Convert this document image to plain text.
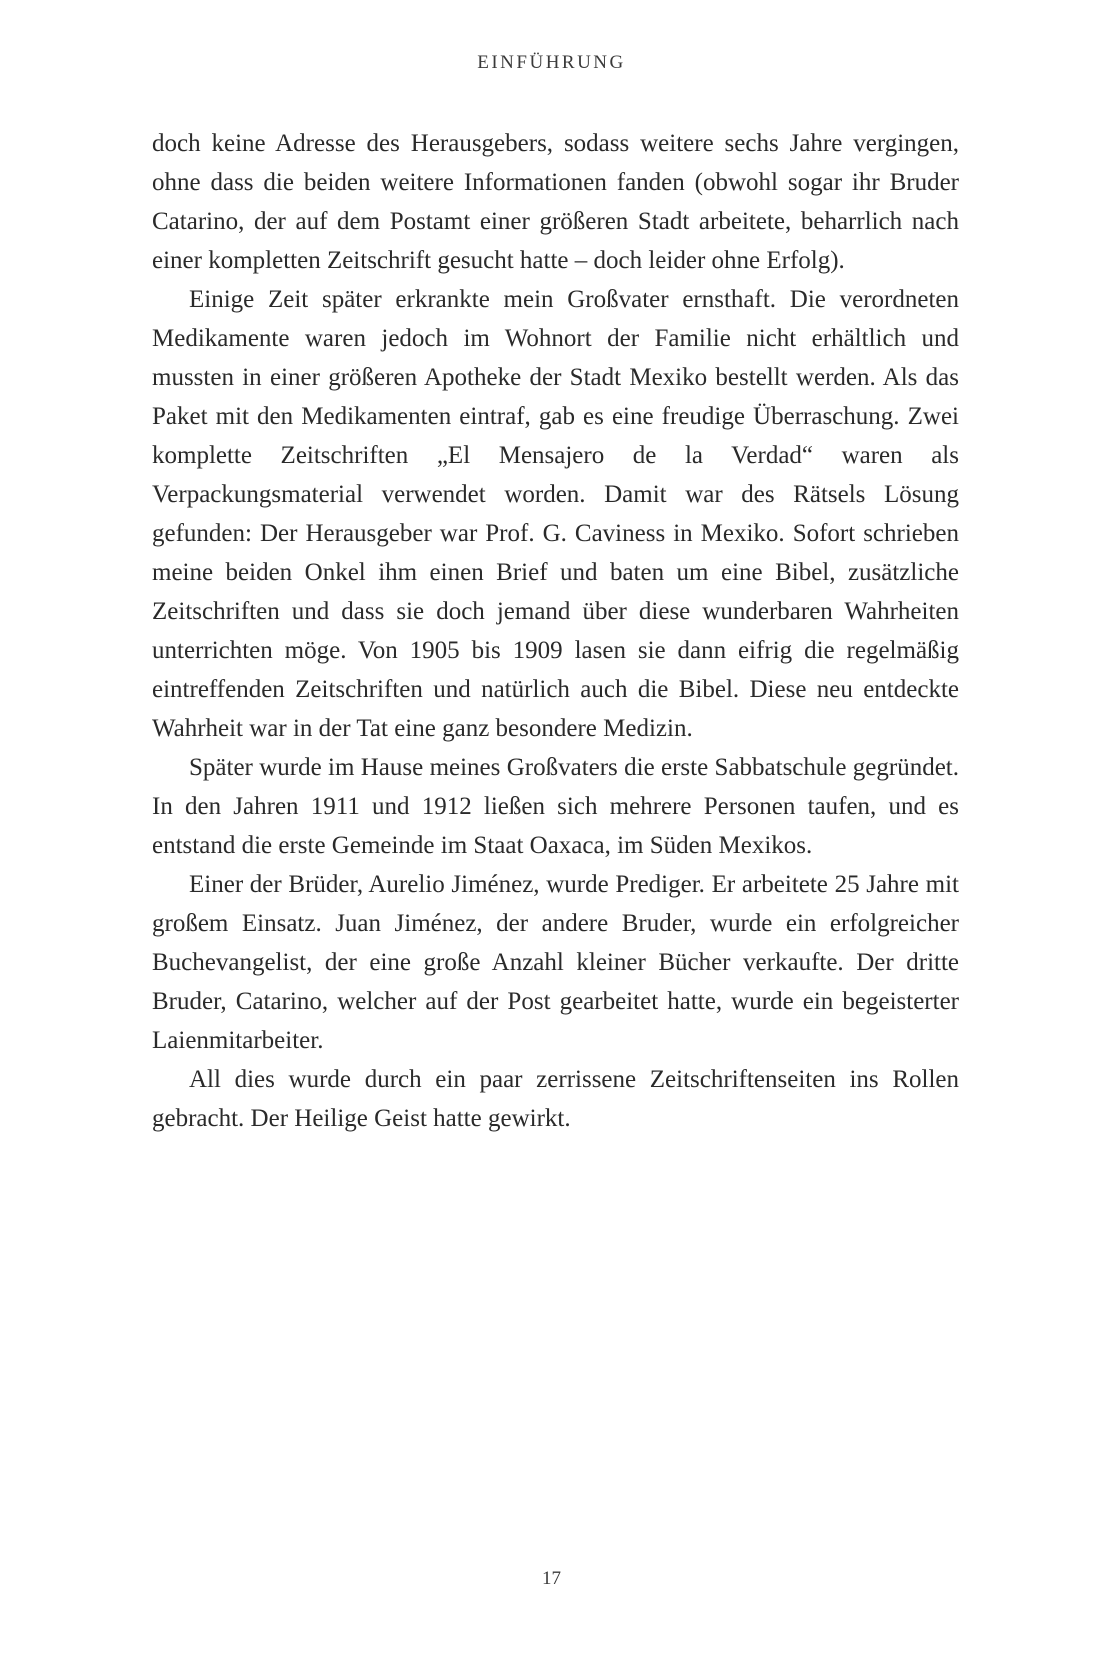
EINFÜHRUNG

doch keine Adresse des Herausgebers, sodass weitere sechs Jahre vergingen, ohne dass die beiden weitere Informationen fanden (obwohl sogar ihr Bruder Catarino, der auf dem Postamt einer größeren Stadt arbeitete, beharrlich nach einer kompletten Zeitschrift gesucht hatte – doch leider ohne Erfolg).

Einige Zeit später erkrankte mein Großvater ernsthaft. Die verordneten Medikamente waren jedoch im Wohnort der Familie nicht erhältlich und mussten in einer größeren Apotheke der Stadt Mexiko bestellt werden. Als das Paket mit den Medikamenten eintraf, gab es eine freudige Überraschung. Zwei komplette Zeitschriften „El Mensajero de la Verdad“ waren als Verpackungsmaterial verwendet worden. Damit war des Rätsels Lösung gefunden: Der Herausgeber war Prof. G. Caviness in Mexiko. Sofort schrieben meine beiden Onkel ihm einen Brief und baten um eine Bibel, zusätzliche Zeitschriften und dass sie doch jemand über diese wunderbaren Wahrheiten unterrichten möge. Von 1905 bis 1909 lasen sie dann eifrig die regelmäßig eintreffenden Zeitschriften und natürlich auch die Bibel. Diese neu entdeckte Wahrheit war in der Tat eine ganz besondere Medizin.

Später wurde im Hause meines Großvaters die erste Sabbatschule gegründet. In den Jahren 1911 und 1912 ließen sich mehrere Personen taufen, und es entstand die erste Gemeinde im Staat Oaxaca, im Süden Mexikos.

Einer der Brüder, Aurelio Jiménez, wurde Prediger. Er arbeitete 25 Jahre mit großem Einsatz. Juan Jiménez, der andere Bruder, wurde ein erfolgreicher Buchevangelist, der eine große Anzahl kleiner Bücher verkaufte. Der dritte Bruder, Catarino, welcher auf der Post gearbeitet hatte, wurde ein begeisterter Laienmitarbeiter.

All dies wurde durch ein paar zerrissene Zeitschriftenseiten ins Rollen gebracht. Der Heilige Geist hatte gewirkt.

17
